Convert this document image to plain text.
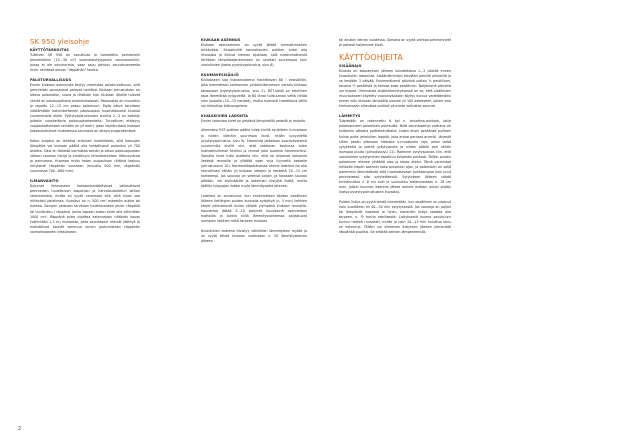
SK 950 yleisohje
KÄYTTÖTARKOITUS
Tulikiven SK 950 on savukiuas ja tarkoitettu perinteisiin pienehköihin (15...30 m³) suomalaistyyppisiin savusaunoihin, joissa ei ole savuhormia, vaan savu poistuu saunahuoneesta esim. seinässä olevan "räppänän" kautta.
PALOTURVALLISUUS
Ennen kiukaan asennusta täytyy varmistaa paloturvallisuus, sillä perinteiset savusaunat palavat herkästi. Kiukaan perustuksen on oltava palamaton, suora ja riittävän luja. Kiukaan lähelle tulevat seinät on palosuojattava asianmukaisesti. Palosuojaa on muurattu ja rapattu 12...15 cm paksu palomuuri. Myös katon tarvitaan välttämätön kaksinkertainen palosuojaus huomattavasti kiuasta suuremmalla alalle. Pystytyspiirustusten sivuilla 2...3 on esitetty joitakin suositeltavia palosuojarakenteita. Turvallinen etäisyys suojaamattomaan seinään on yli metri, joten käytännössä kiukaan kokosuositukset mukaisessa saunassa on oltava suojarakenteet.
Katon suojaus on tehtävä erityisen huolellisesti, sillä kaasujen lämpötila voi kiukaan päällä olla hetkellisesti paljonkin yli 700 astetta. Siksi on tärkeää varmistaa seinän ja katon palosuojausten välisen sauman tiiviys ja eristävyys hirsirakenteisen liikkuvuuksia ja painuessa. Huomaa myös katon suojauksen riittävä laajuus erityisesti räppänän suuntaan (muualla 500 mm, räppänän suunnassa 700...800 mm).
ILMANVAIHTO
Nykyiset ilmeveseen kokoamismääräykset vaikeuttavat perinteisen tuulettuvan alapohjan ja harvalaudoitetun lattian rakentamista, mutta on syytä varmistaa sitä, että kiuas saa riittävästi paloilmaa. Suositus on n. 500 cm² esteetön aukko tai aukkoa. Savujen poistoon tarvitaan tuuletusaukko (esim. räppänä tai tuulikukku-) räppänä, jonka vapaan aukon tulee olla vähintään 1000 cm². Räppänä tulee sijoittaa katonrajaan riittävän kauas (vähintään 1,5 m) kiukaasta, jotta savukaasut ehtivät jäähtyä ja mahdolliset kipinät sammua ennen joutumistaan räppänän voimakkaaseen virtaukseen.
KIUKAAN ASENNUS
Kiukaan asentaminen on syytä jättää ammattimiehen tehtäväksi. Kiuaskivillä kannattavien putkien tulee olla irtonaisia ja liikkua hieman sijoillaan, sillä ruostumattomat teräksen lämpölaajenemineen on selvästi suurempaa kuin vuolukivien (katso pystytyspiirustus, sivu 8).
KUUMAVESISÄILIÖ
Kiukaaseen saa lisävarusteena hankittavan 60 l vesisäiliön, joka asennetaan kolmannen pintakivikerroksen varaan kiukaan takaosaan (pystytyspiirustus, sivu 5). RST-säiliö on edullinen tapa lämmittää kylpyvettä, ja 60 litraa tulikuumaa vettä riittää noin joukolle (10...15 henkeä), mutta huonosti hoidettuna säiliö voi aiheuttaa kitkuongelmia.
KIUASKIVIEN LADONTA
Ennen ladontaa kivet on pestävä lämpimällä vedellä ja harjalla.
Alimmaksi RST-putkien päälle tulee kivillä syrjälleen V-muotoon ja niiden väleihin suurimpia kiviä, neljän syvyydeltä (pystytyspiirustus, sivu 9). Latomista jatketaan suoraviivaisesti suurimmilla kivillä niin, että ladelman keskussa tulee mahdollisimman tiiviiksi ja reunat joka puolella harvemmiksi. Samalla kivet tulisi asettella niin, että ne ohjaavat kohoavia liekkejä reunoille ja ylläältä vaan viva ilyyvettä keskelle (piirustussivu 10). Normaalitapauksessa valmis ladelma voi olla reunoiltaan vähän yli kiukaan laitojen ja keskeltä 10...15 cm korkeampi. Jos saunoja on yleensä paljon, ja halutaan saunoa pitkään, voi kivimäärää ja ladelman tiiviyttä lisätä, mutta täällön kylpyajan lisäksi myös lämmitysaika pitenee.
Ladelma on onnistunut, kun ensimmäisen täyden pesällisen jälkeen liekittyjen puiden kunnolla syttyttyä (n. 5 min) liekkien kärjet pilkistelevät kivien välistä ylympänä kiukaan reunoilla. Kannattaa jättää 5...10 pienintä kuusikeviä asennetaan mattoilla ja tukkia niillä lämmitysvaiheessa paljastuvat isompien liekkien reikä tarpeen mukaan.
Kiuaskivien ladelma tiivistyy vähitellen lämmitysten myötä ja on syytä tehdä kiukaan uudestaan n. 50 lämmityskerran jälkeen
tai ainakin kerran vuodessa. Samalla on syytä vaihtaa pehmenneet ja pahasti haljenneet kivet.
KÄYTTÖOHJEITA
SISÄÄNAJO
Kiuasta on kokoamisen jälkeen kuivatettava 1...2 päivää ennen kiuaskivien latomista. Sisäänlämmitys tehdään pienillä pilkkeillä ja se kestään 3 päivää. Ensimmäisenä päivänä poltan ⅓ pesällinen, toisena ⅔ pesällistä ja kolmas koko pesällinen. Neljäntenä päivänä voi kylpeä. Olennaista sisäänlämmityksessä on se, että sisälkivien muuraukseen käytetty vuolukivilaastin täytyy kuivua vedettömäksi ennen kuin kiukaan lämpötila nousee yli 100 asteeseen, jolloin vesi kiehuessaan aiheuttaa sisäisiä vaurioita vaikuttaa saumat.
LÄMMITYS
Tulipesään on rakennettu 6 kpl n. toisoilma-aukkoja, joilla palamanneen palamisen puhtautta. Niitä olennaisempi vaikutus on kuitenkin oikealla polttotekniikalla: Ladon ensin pesäänsä puilleen kuivia puita (mieluiten leppää, joka antaa parhaat aromit). Järjestä siiten pesän yläosaan hieloista V-muotoinen urja, johon ladot sytykkeitä ja pieniä sytytyspuita ja niiden päälle pari vähän isompaa puuta (piirustussivu 11). Rakenne sytytyspanos niin, että varsinainen sytytyminen tapahtuu tulipesän perässä. Tällöin puiden palaminen etenee ylhäältä alas ja takaa eteen. Tämä varmistaa riittävän hapen saannin koko prosessin ajan, ja palamisen on sekä paremmin lämmittävää että huomattavasti puhtaampaa kuin puut perinteisesti alta sytytettäessä. Sytytyksen jälkeen säädä tuhkaluukkia n. 6 cm auki ja suuluukku alareunastaan n. 18 cm auki, jolloin kuuman kaareva jälkea menee osittain auton sisään (katso pystytyspiirustusten kuvasta).
Puiden lisäys on syytä tehdä viimeistään, kun pesällinen on palanut noin puolillleen eli 40...50 min sytytyksestä. Jos saunoja on paljon tai lämpiävät nopeasti ja hyvin, toinenkin lisäys saattaa olla tarpeen, n. ½ tuntia edellisestä. Lisäyksestä kuuma savuhuuru tuntuu hetkeä runsaasti, mutta jo noin 10...15 min kuluttua savu on kelvinnyt. Tällöin voi viimeisen lisäyksen jälkeen pienentää räppänää puoliksi. Se edistää seinien lämpenemistä.
2
